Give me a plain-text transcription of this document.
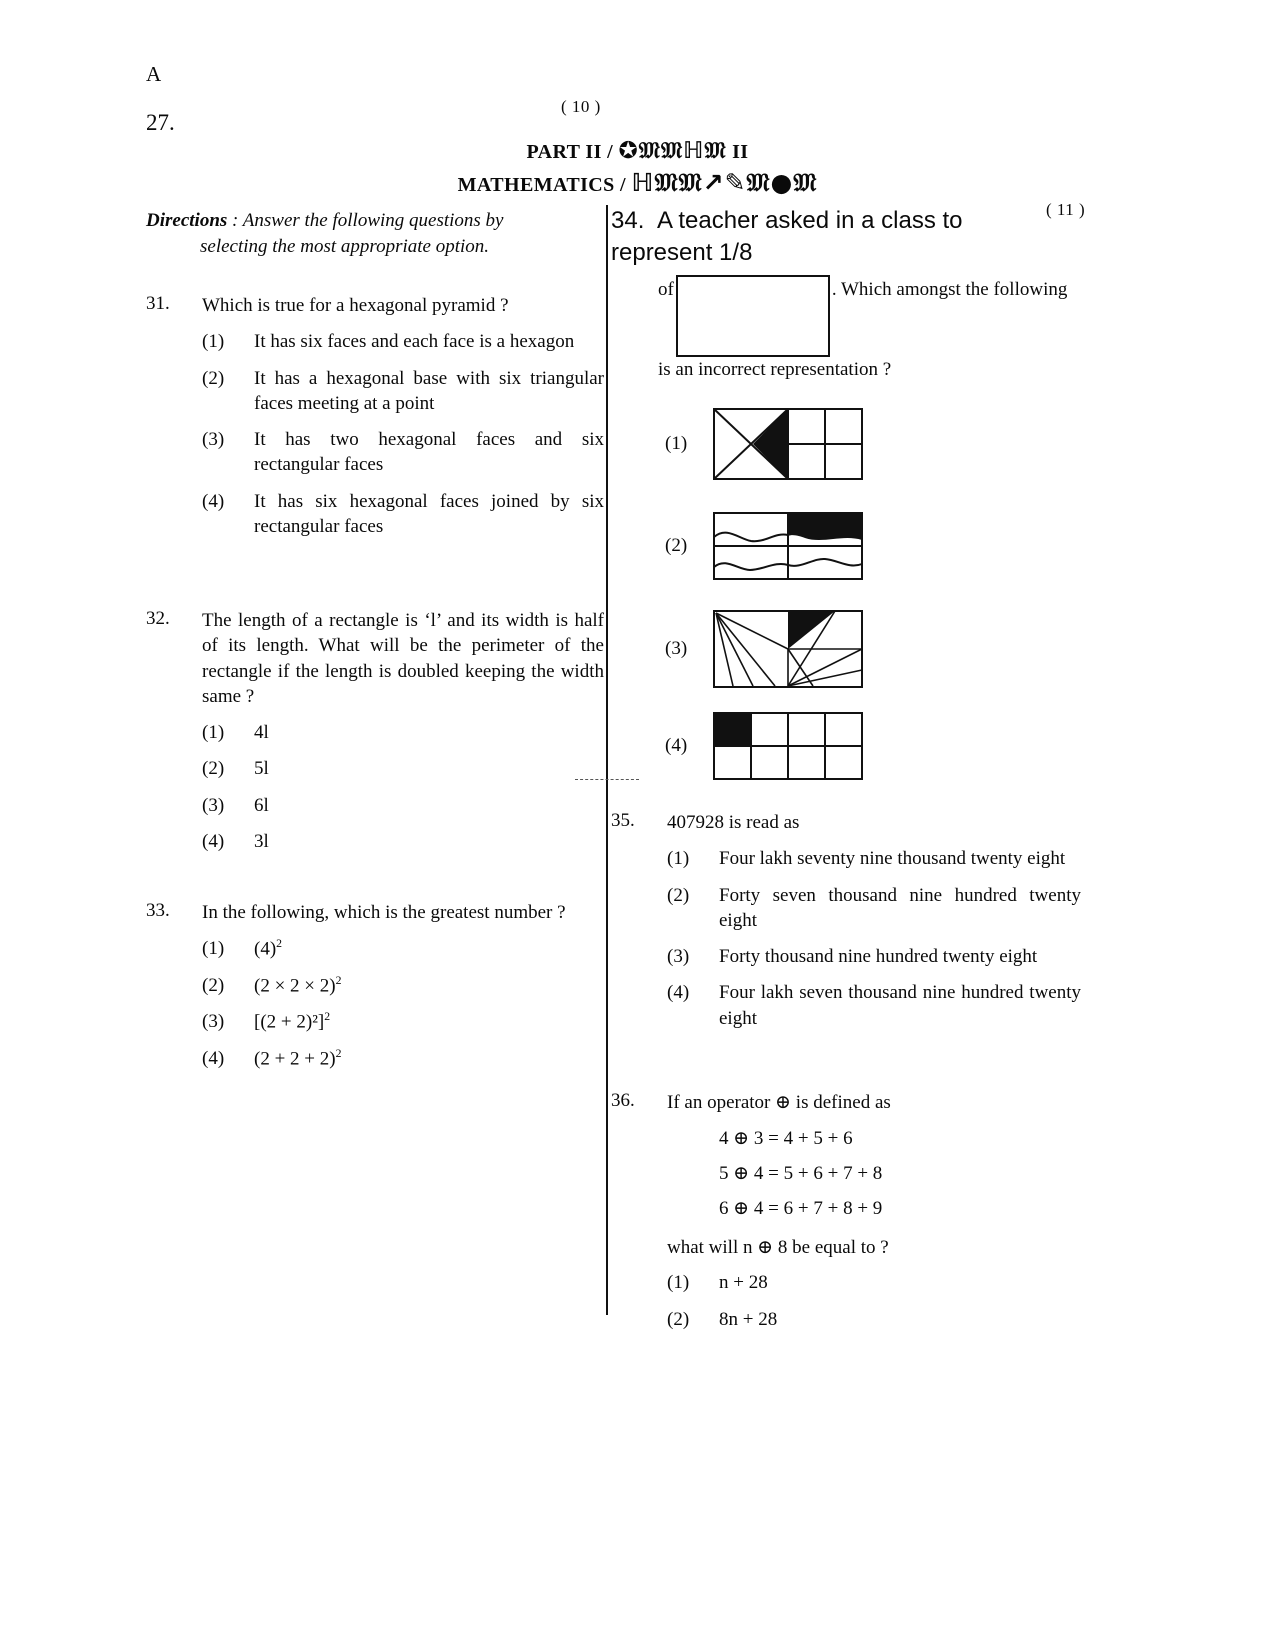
A
27.
( 10 )
( 11 )
PART II / ✪𝔐𝔐ℍ𝔐 II
MATHEMATICS / ℍ𝔐𝔐↗✎𝔐●𝔐
Directions : Answer the following questions by
selecting the most appropriate option.
31. Which is true for a hexagonal pyramid ?
(1)	It has six faces and each face is a hexagon
(2)	It has a hexagonal base with six triangular faces meeting at a point
(3)	It has two hexagonal faces and six rectangular faces
(4)	It has six hexagonal faces joined by six rectangular faces
32. The length of a rectangle is ‘l’ and its width is half of its length. What will be the perimeter of the rectangle if the length is doubled keeping the width same ?
(1)	4l
(2)	5l
(3)	6l
(4)	3l
33. In the following, which is the greatest number ?
(1)	$(4)^2$
(2)	$(2 \times 2 \times 2)^2$
(3)	$[(2 + 2)^2]^2$
(4)	$(2 + 2 + 2)^2$
34. A teacher asked in a class to
represent 1/8
of	. Which amongst the following is an incorrect representation ?
(1)
(2)
(3)
(4)
35. 407928 is read as
(1)	Four lakh seventy nine thousand twenty eight
(2)	Forty seven thousand nine hundred twenty eight
(3)	Forty thousand nine hundred twenty eight
(4)	Four lakh seven thousand nine hundred twenty eight
36. If an operator ⊕ is defined as
4 ⊕ 3 = 4 + 5 + 6
5 ⊕ 4 = 5 + 6 + 7 + 8
6 ⊕ 4 = 6 + 7 + 8 + 9
what will n ⊕ 8 be equal to ?
(1)	n + 28
(2)	8n + 28
